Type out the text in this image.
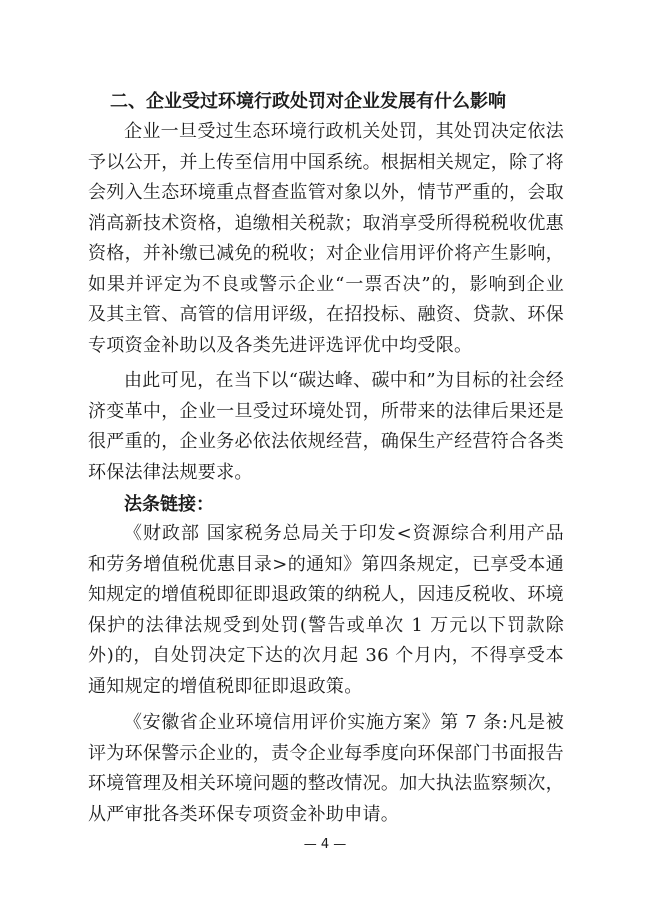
二、企业受过环境行政处罚对企业发展有什么影响

企业一旦受过生态环境行政机关处罚，其处罚决定依法予以公开，并上传至信用中国系统。根据相关规定，除了将会列入生态环境重点督查监管对象以外，情节严重的，会取消高新技术资格，追缴相关税款；取消享受所得税税收优惠资格，并补缴已减免的税收；对企业信用评价将产生影响，如果并评定为不良或警示企业“一票否决”的，影响到企业及其主管、高管的信用评级，在招投标、融资、贷款、环保专项资金补助以及各类先进评选评优中均受限。

由此可见，在当下以“碳达峰、碳中和”为目标的社会经济变革中，企业一旦受过环境处罚，所带来的法律后果还是很严重的，企业务必依法依规经营，确保生产经营符合各类环保法律法规要求。

法条链接：

《财政部 国家税务总局关于印发<资源综合利用产品和劳务增值税优惠目录>的通知》第四条规定，已享受本通知规定的增值税即征即退政策的纳税人，因违反税收、环境保护的法律法规受到处罚(警告或单次 1 万元以下罚款除外)的，自处罚决定下达的次月起 36 个月内，不得享受本通知规定的增值税即征即退政策。

《安徽省企业环境信用评价实施方案》第 7 条:凡是被评为环保警示企业的，责令企业每季度向环保部门书面报告环境管理及相关环境问题的整改情况。加大执法监察频次，从严审批各类环保专项资金补助申请。

— 4 —
